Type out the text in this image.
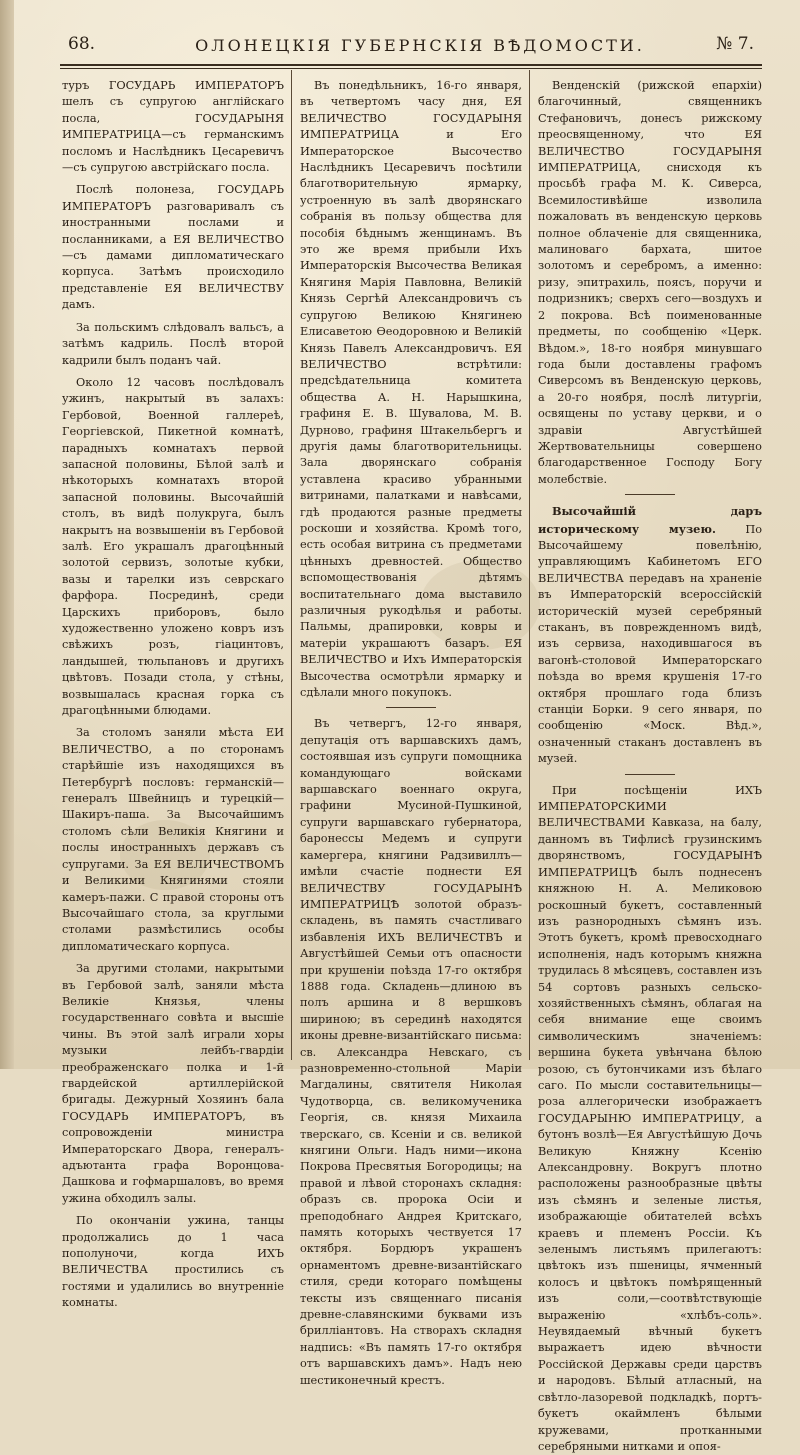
68.	ОЛОНЕЦКІЯ ГУБЕРНСКІЯ ВѢДОМОСТИ.	№ 7.

туръ ГОСУДАРЬ ИМПЕРАТОРЪ шелъ съ супругою англійскаго посла, ГОСУДАРЫНЯ ИМПЕРАТРИЦА—съ германскимъ посломъ и Наслѣдникъ Цесаревичъ—съ супругою австрійскаго посла.

Послѣ полонеза, ГОСУДАРЬ ИМПЕРАТОРЪ разговаривалъ съ иностранными послами и посланниками, а ЕЯ ВЕЛИЧЕСТВО—съ дамами дипломатическаго корпуса. Затѣмъ происходило представленіе ЕЯ ВЕЛИЧЕСТВУ дамъ.

За польскимъ слѣдовалъ вальсъ, а затѣмъ кадриль. Послѣ второй кадрили былъ поданъ чай.

Около 12 часовъ послѣдовалъ ужинъ, накрытый въ залахъ: Гербовой, Военной галлереѣ, Георгіевской, Пикетной комнатѣ, парадныхъ комнатахъ первой запасной половины, Бѣлой залѣ и нѣкоторыхъ комнатахъ второй запасной половины. Высочайшій столъ, въ видѣ полукруга, былъ накрытъ на возвышеніи въ Гербовой залѣ. Его украшалъ драгоцѣнный золотой сервизъ, золотые кубки, вазы и тарелки изъ севрскаго фарфора. Посрединѣ, среди Царскихъ приборовъ, было художественно уложено ковръ изъ свѣжихъ розъ, гіацинтовъ, ландышей, тюльпановъ и другихъ цвѣтовъ. Позади стола, у стѣны, возвышалась красная горка съ драгоцѣнными блюдами.

За столомъ заняли мѣста ЕИ ВЕЛИЧЕСТВО, а по сторонамъ старѣйшіе изъ находящихся въ Петербургѣ пословъ: германскій—генералъ Швейницъ и турецкій—Шакиръ-паша. За Высочайшимъ столомъ сѣли Великія Княгини и послы иностранныхъ державъ съ супругами. За ЕЯ ВЕЛИЧЕСТВОМЪ и Великими Княгинями стояли камеръ-пажи. С правой стороны отъ Высочайшаго стола, за круглыми столами размѣстились особы дипломатическаго корпуса.

За другими столами, накрытыми въ Гербовой залѣ, заняли мѣста Великіе Князья, члены государственнаго совѣта и высшіе чины. Въ этой залѣ играли хоры музыки лейбъ-гвардіи преображенскаго полка и 1-й гвардейской артиллерійской бригады. Дежурный Хозяинъ бала ГОСУДАРЬ ИМПЕРАТОРЪ, въ сопровожденіи министра Императорскаго Двора, генералъ-адъютанта графа Воронцова-Дашкова и гофмаршаловъ, во время ужина обходилъ залы.

По окончаніи ужина, танцы продолжались до 1 часа пополуночи, когда ИХЪ ВЕЛИЧЕСТВА простились съ гостями и удалились во внутренніе комнаты.

Въ понедѣльникъ, 16-го января, въ четвертомъ часу дня, ЕЯ ВЕЛИЧЕСТВО ГОСУДАРЫНЯ ИМПЕРАТРИЦА и Его Императорское Высочество Наслѣдникъ Цесаревичъ посѣтили благотворительную ярмарку, устроенную въ залѣ дворянскаго собранія въ пользу общества для пособія бѣднымъ женщинамъ. Въ это же время прибыли Ихъ Императорскія Высочества Великая Княгиня Марія Павловна, Великій Князь Сергѣй Александровичъ съ супругою Великою Княгинею Елисаветою Ѳеодоровною и Великій Князь Павелъ Александровичъ. ЕЯ ВЕЛИЧЕСТВО встрѣтили: предсѣдательница комитета общества А. Н. Нарышкина, графиня Е. В. Шувалова, М. В. Дурново, графиня Штакельбергъ и другія дамы благотворительницы. Зала дворянскаго собранія уставлена красиво убранными витринами, палатками и навѣсами, гдѣ продаются разные предметы роскоши и хозяйства. Кромѣ того, есть особая витрина съ предметами цѣнныхъ древностей. Общество вспомоществованія дѣтямъ воспитательнаго дома выставило различныя рукодѣлья и работы. Пальмы, драпировки, ковры и матеріи украшаютъ базаръ. ЕЯ ВЕЛИЧЕСТВО и Ихъ Императорскія Высочества осмотрѣли ярмарку и сдѣлали много покупокъ.

Въ четвергъ, 12-го января, депутація отъ варшавскихъ дамъ, состоявшая изъ супруги помощника командующаго войсками варшавскаго военнаго округа, графини Мусиной-Пушкиной, супруги варшавскаго губернатора, баронессы Медемъ и супруги камергера, княгини Радзивиллъ—имѣли счастіе поднести ЕЯ ВЕЛИЧЕСТВУ ГОСУДАРЫНѢ ИМПЕРАТРИЦѢ золотой образъ-складень, въ память счастливаго избавленія ИХЪ ВЕЛИЧЕСТВЪ и Августѣйшей Семьи отъ опасности при крушеніи поѣзда 17-го октября 1888 года. Складень—длиною въ полъ аршина и 8 вершковъ шириною; въ серединѣ находятся иконы древне-византійскаго письма: св. Александра Невскаго, съ разновременно-стольной Маріи Магдалины, святителя Николая Чудотворца, св. великомученика Георгія, св. князя Михаила тверскаго, св. Ксеніи и св. великой княгини Ольги. Надъ ними—икона Покрова Пресвятыя Богородицы; на правой и лѣвой сторонахъ складня: образъ св. пророка Осіи и преподобнаго Андрея Критскаго, память которыхъ чествуется 17 октября. Бордюръ украшенъ орнаментомъ древне-византійскаго стиля, среди котораго помѣщены тексты изъ священнаго писанія древне-славянскими буквами изъ брилліантовъ. На створахъ складня надпись: «Въ память 17-го октября отъ варшавскихъ дамъ». Надъ нею шестиконечный крестъ.

Венденскій (рижской епархіи) благочинный, священникъ Стефановичъ, донесъ рижскому преосвященному, что ЕЯ ВЕЛИЧЕСТВО ГОСУДАРЫНЯ ИМПЕРАТРИЦА, снисходя къ просьбѣ графа М. К. Сиверса, Всемилостивѣйше изволила пожаловать въ венденскую церковь полное облаченіе для священника, малиноваго бархата, шитое золотомъ и серебромъ, а именно: ризу, эпитрахиль, поясъ, поручи и подризникъ; сверхъ сего—воздухъ и 2 покрова. Всѣ поименованные предметы, по сообщенію «Церк. Вѣдом.», 18-го ноября минувшаго года были доставлены графомъ Сиверсомъ въ Венденскую церковь, а 20-го ноября, послѣ литургіи, освящены по уставу церкви, и о здравіи Августѣйшей Жертвовательницы совершено благодарственное Господу Богу молебствіе.

Высочайшій даръ историческому музею.	По Высочайшему повелѣнію, управляющимъ Кабинетомъ ЕГО ВЕЛИЧЕСТВА передавъ на храненіе въ Императорскій всероссійскій историческій музей серебряный стаканъ, въ поврежденномъ видѣ, изъ сервиза, находившагося въ вагонѣ-столовой Императорскаго поѣзда во время крушенія 17-го октября прошлаго года близъ станціи Борки. 9 сего января, по сообщенію «Моск. Вѣд.», означенный стаканъ доставленъ въ музей.

При посѣщеніи ИХЪ ИМПЕРАТОРСКИМИ ВЕЛИЧЕСТВАМИ Кавказа, на балу, данномъ въ Тифлисѣ грузинскимъ дворянствомъ, ГОСУДАРЫНѢ ИМПЕРАТРИЦѢ былъ поднесенъ княжною Н. А. Меликовою роскошный букетъ, составленный изъ разнородныхъ сѣмянъ изъ. Этотъ букетъ, кромѣ превосходнаго исполненія, надъ которымъ княжна трудилась 8 мѣсяцевъ, составлен изъ 54 сортовъ разныхъ сельско-хозяйственныхъ сѣмянъ, облагая на себя внимание еще своимъ символическимъ значеніемъ: вершина букета увѣнчана бѣлою розою, съ бутончиками изъ бѣлаго саго. По мысли составительницы—роза аллегорически изображаетъ ГОСУДАРЫНЮ ИМПЕРАТРИЦУ, а бутонъ возлѣ—Ея Августѣйшую Дочь Великую Княжну Ксенію Александровну. Вокругъ плотно расположены разнообразные цвѣты изъ сѣмянъ и зеленые листья, изображающіе обитателей всѣхъ краевъ и племенъ Россіи. Къ зеленымъ листьямъ прилегаютъ: цвѣтокъ изъ пшеницы, ячменный колосъ и цвѣтокъ помѣрященный изъ соли,—соотвѣтствующіе выраженію «хлѣбъ-соль». Неувядаемый вѣчный букетъ выражаетъ идею вѣчности Россійской Державы среди царствъ и народовъ. Бѣлый атласный, на свѣтло-лазоревой подкладкѣ, портъ-букетъ окаймленъ бѣлыми кружевами, протканными серебряными нитками и опоя-
